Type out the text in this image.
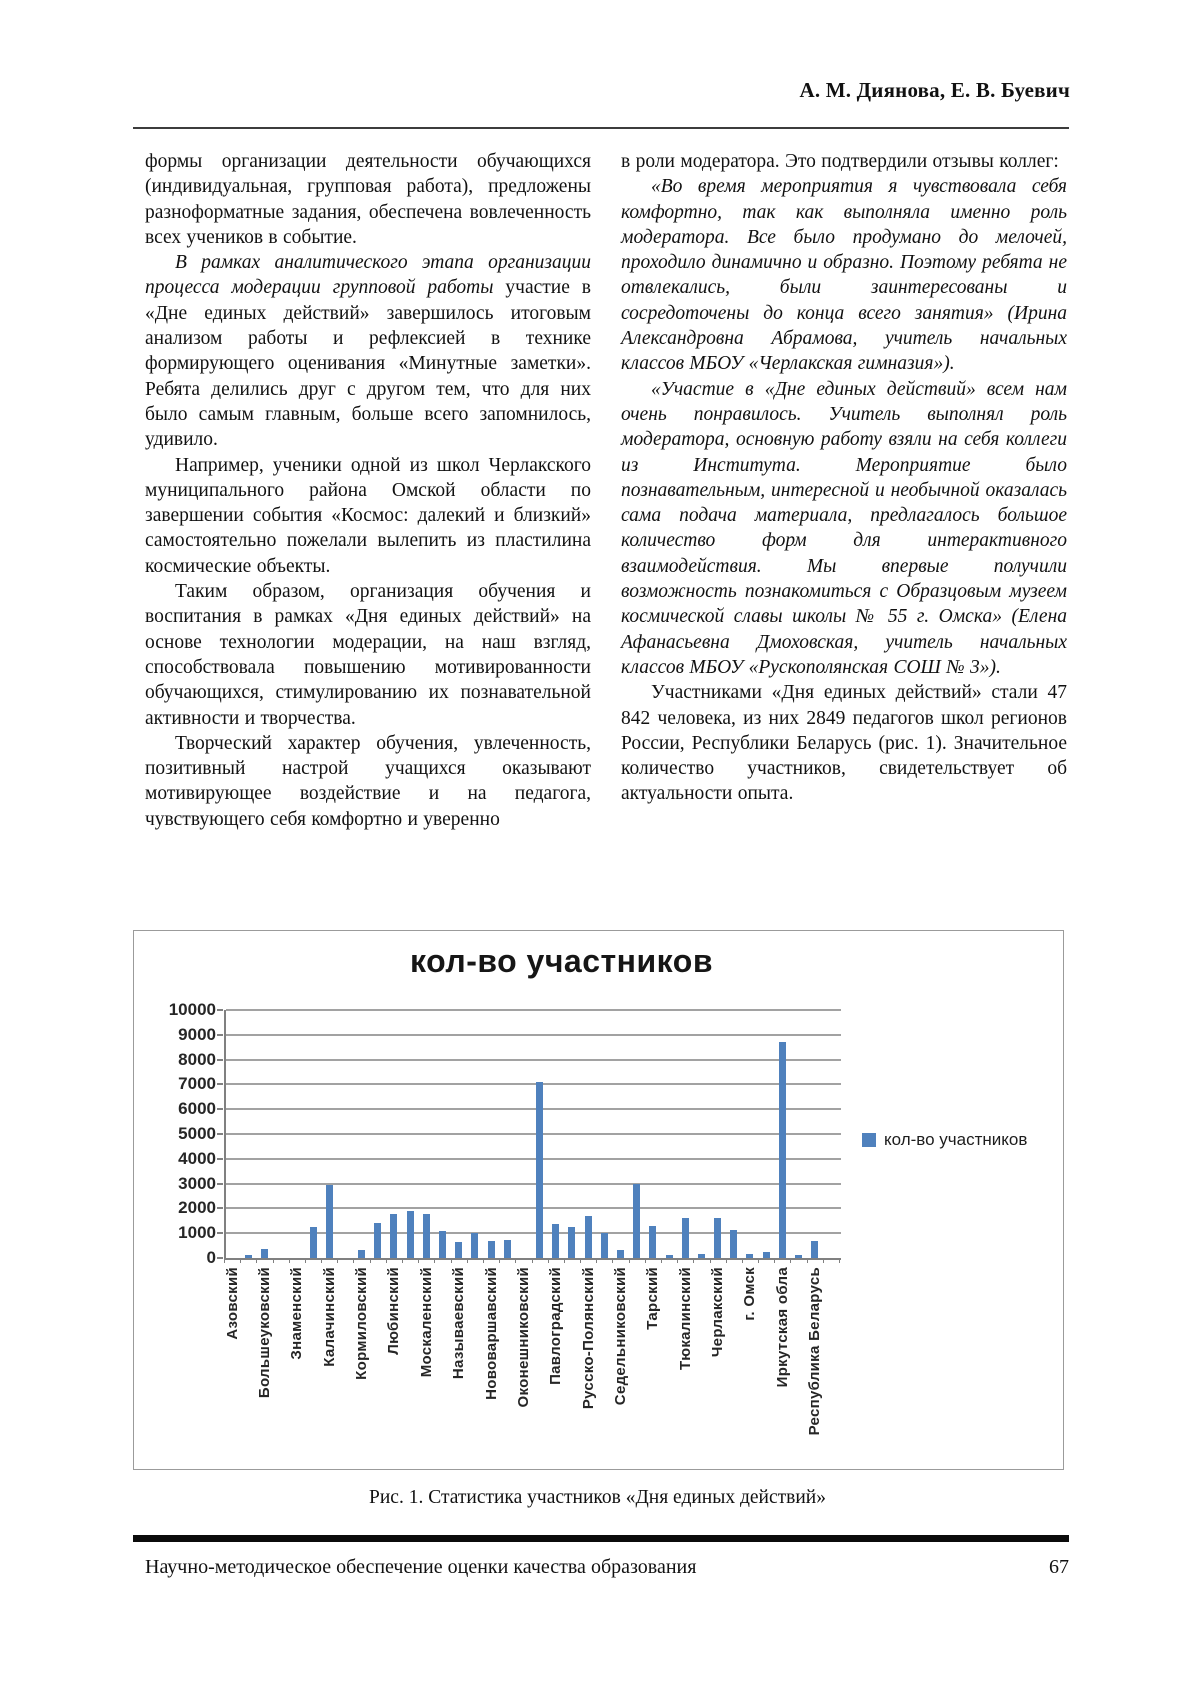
А. М. Диянова, Е. В. Буевич

формы организации деятельности обучающихся (индивидуальная, групповая работа), предложены разноформатные задания, обеспечена вовлеченность всех учеников в событие.

В рамках аналитического этапа организации процесса модерации групповой работы участие в «Дне единых действий» завершилось итоговым анализом работы и рефлексией в технике формирующего оценивания «Минутные заметки». Ребята делились друг с другом тем, что для них было самым главным, больше всего запомнилось, удивило.

Например, ученики одной из школ Черлакского муниципального района Омской области по завершении события «Космос: далекий и близкий» самостоятельно пожелали вылепить из пластилина космические объекты.

Таким образом, организация обучения и воспитания в рамках «Дня единых действий» на основе технологии модерации, на наш взгляд, способствовала повышению мотивированности обучающихся, стимулированию их познавательной активности и творчества.

Творческий характер обучения, увлеченность, позитивный настрой учащихся оказывают мотивирующее воздействие и на педагога, чувствующего себя комфортно и уверенно

в роли модератора. Это подтвердили отзывы коллег:

«Во время мероприятия я чувствовала себя комфортно, так как выполняла именно роль модератора. Все было продумано до мелочей, проходило динамично и образно. Поэтому ребята не отвлекались, были заинтересованы и сосредоточены до конца всего занятия» (Ирина Александровна Абрамова, учитель начальных классов МБОУ «Черлакская гимназия»).

«Участие в «Дне единых действий» всем нам очень понравилось. Учитель выполнял роль модератора, основную работу взяли на себя коллеги из Института. Мероприятие было познавательным, интересной и необычной оказалась сама подача материала, предлагалось большое количество форм для интерактивного взаимодействия. Мы впервые получили возможность познакомиться с Образцовым музеем космической славы школы № 55 г. Омска» (Елена Афанасьевна Дмоховская, учитель начальных классов МБОУ «Рускополянская СОШ № 3»).

Участниками «Дня единых действий» стали 47 842 человека, из них 2849 педагогов школ регионов России, Республики Беларусь (рис. 1). Значительное количество участников, свидетельствует об актуальности опыта.

кол-во участников
кол-во участников
10000
9000
8000
7000
6000
5000
4000
3000
2000
1000
0
Азовский Большеуковский Знаменский Калачинский Кормиловский Любинский Москаленский Называевский Нововаршавский Оконешниковский Павлоградский Русско-Полянский Седельниковский Тарский Тюкалинский Черлакский г. Омск Иркутская обла Республика Беларусь
Рис. 1. Статистика участников «Дня единых действий»
Научно-методическое обеспечение оценки качества образования	67
